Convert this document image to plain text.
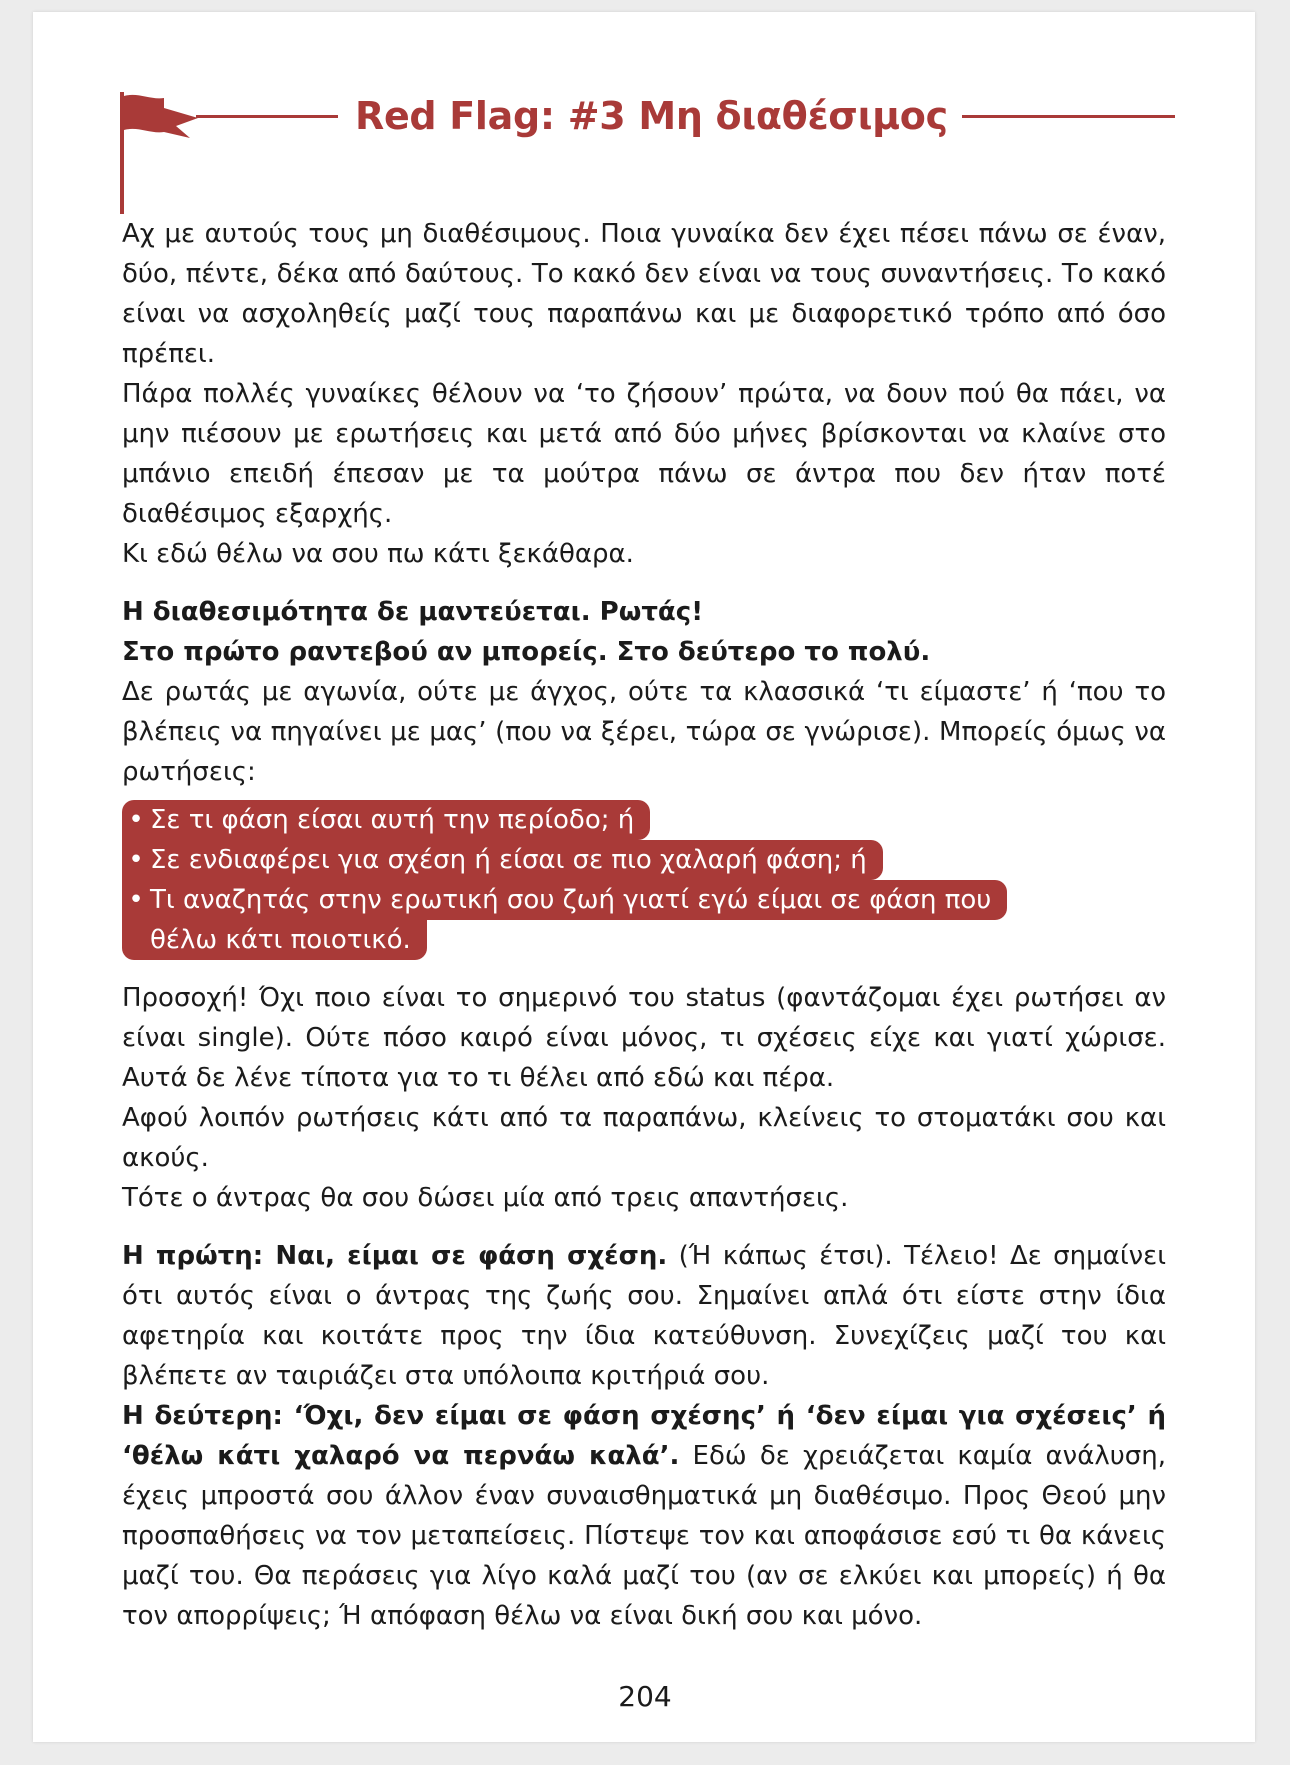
Red Flag: #3 Μη διαθέσιμος

Αχ με αυτούς τους μη διαθέσιμους. Ποια γυναίκα δεν έχει πέσει πάνω σε έναν, δύο, πέντε, δέκα από δαύτους. Το κακό δεν είναι να τους συναντήσεις. Το κακό είναι να ασχοληθείς μαζί τους παραπάνω και με διαφορετικό τρόπο από όσο πρέπει.

Πάρα πολλές γυναίκες θέλουν να ‘το ζήσουν’ πρώτα, να δουν πού θα πάει, να μην πιέσουν με ερωτήσεις και μετά από δύο μήνες βρίσκονται να κλαίνε στο μπάνιο επειδή έπεσαν με τα μούτρα πάνω σε άντρα που δεν ήταν ποτέ διαθέσιμος εξαρχής.

Κι εδώ θέλω να σου πω κάτι ξεκάθαρα.

Η διαθεσιμότητα δε μαντεύεται. Ρωτάς!

Στο πρώτο ραντεβού αν μπορείς. Στο δεύτερο το πολύ.

Δε ρωτάς με αγωνία, ούτε με άγχος, ούτε τα κλασσικά ‘τι είμαστε’ ή ‘που το βλέπεις να πηγαίνει με μας’ (που να ξέρει, τώρα σε γνώρισε). Μπορείς όμως να ρωτήσεις:

• Σε τι φάση είσαι αυτή την περίοδο; ή
• Σε ενδιαφέρει για σχέση ή είσαι σε πιο χαλαρή φάση; ή
• Τι αναζητάς στην ερωτική σου ζωή γιατί εγώ είμαι σε φάση που
θέλω κάτι ποιοτικό.

Προσοχή! Όχι ποιο είναι το σημερινό του status (φαντάζομαι έχει ρωτήσει αν είναι single). Ούτε πόσο καιρό είναι μόνος, τι σχέσεις είχε και γιατί χώρισε. Αυτά δε λένε τίποτα για το τι θέλει από εδώ και πέρα.

Αφού λοιπόν ρωτήσεις κάτι από τα παραπάνω, κλείνεις το στοματάκι σου και ακούς.

Τότε ο άντρας θα σου δώσει μία από τρεις απαντήσεις.

Η πρώτη: Ναι, είμαι σε φάση σχέση. (Ή κάπως έτσι). Τέλειο! Δε σημαίνει ότι αυτός είναι ο άντρας της ζωής σου. Σημαίνει απλά ότι είστε στην ίδια αφετηρία και κοιτάτε προς την ίδια κατεύθυνση. Συνεχίζεις μαζί του και βλέπετε αν ταιριάζει στα υπόλοιπα κριτήριά σου.

Η δεύτερη: ‘Όχι, δεν είμαι σε φάση σχέσης’ ή ‘δεν είμαι για σχέσεις’ ή ‘θέλω κάτι χαλαρό να περνάω καλά’. Εδώ δε χρειάζεται καμία ανάλυση, έχεις μπροστά σου άλλον έναν συναισθηματικά μη διαθέσιμο. Προς Θεού μην προσπαθήσεις να τον μεταπείσεις. Πίστεψε τον και αποφάσισε εσύ τι θα κάνεις μαζί του. Θα περάσεις για λίγο καλά μαζί του (αν σε ελκύει και μπορείς) ή θα τον απορρίψεις; Ή απόφαση θέλω να είναι δική σου και μόνο.

204
